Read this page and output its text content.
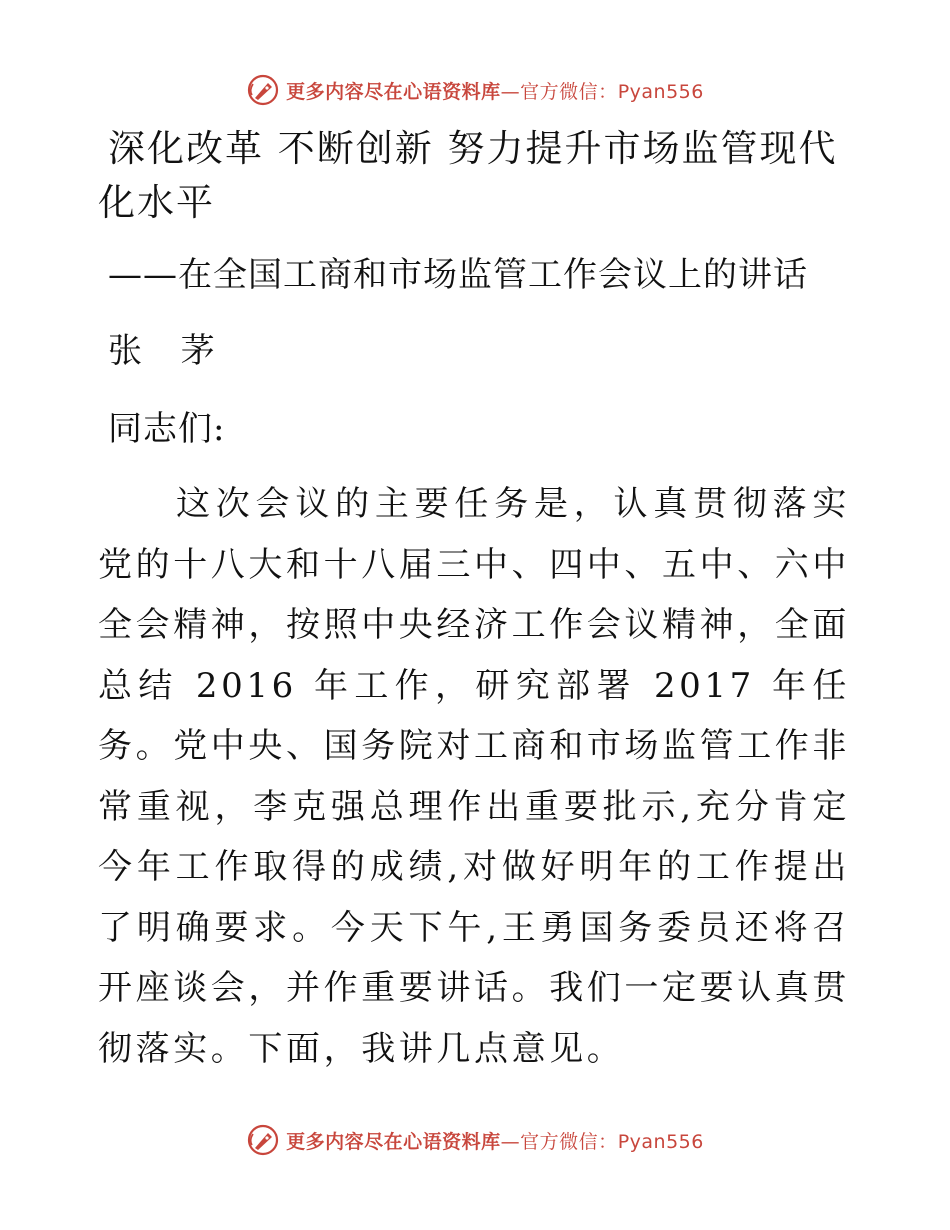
更多内容尽在心语资料库—官方微信：Pyan556
深化改革 不断创新 努力提升市场监管现代化水平

——在全国工商和市场监管工作会议上的讲话

张 茅

同志们:

这次会议的主要任务是，认真贯彻落实党的十八大和十八届三中、四中、五中、六中全会精神，按照中央经济工作会议精神，全面总结 2016 年工作，研究部署 2017 年任务。党中央、国务院对工商和市场监管工作非常重视，李克强总理作出重要批示,充分肯定今年工作取得的成绩,对做好明年的工作提出了明确要求。今天下午,王勇国务委员还将召开座谈会，并作重要讲话。我们一定要认真贯彻落实。下面，我讲几点意见。

更多内容尽在心语资料库—官方微信：Pyan556
